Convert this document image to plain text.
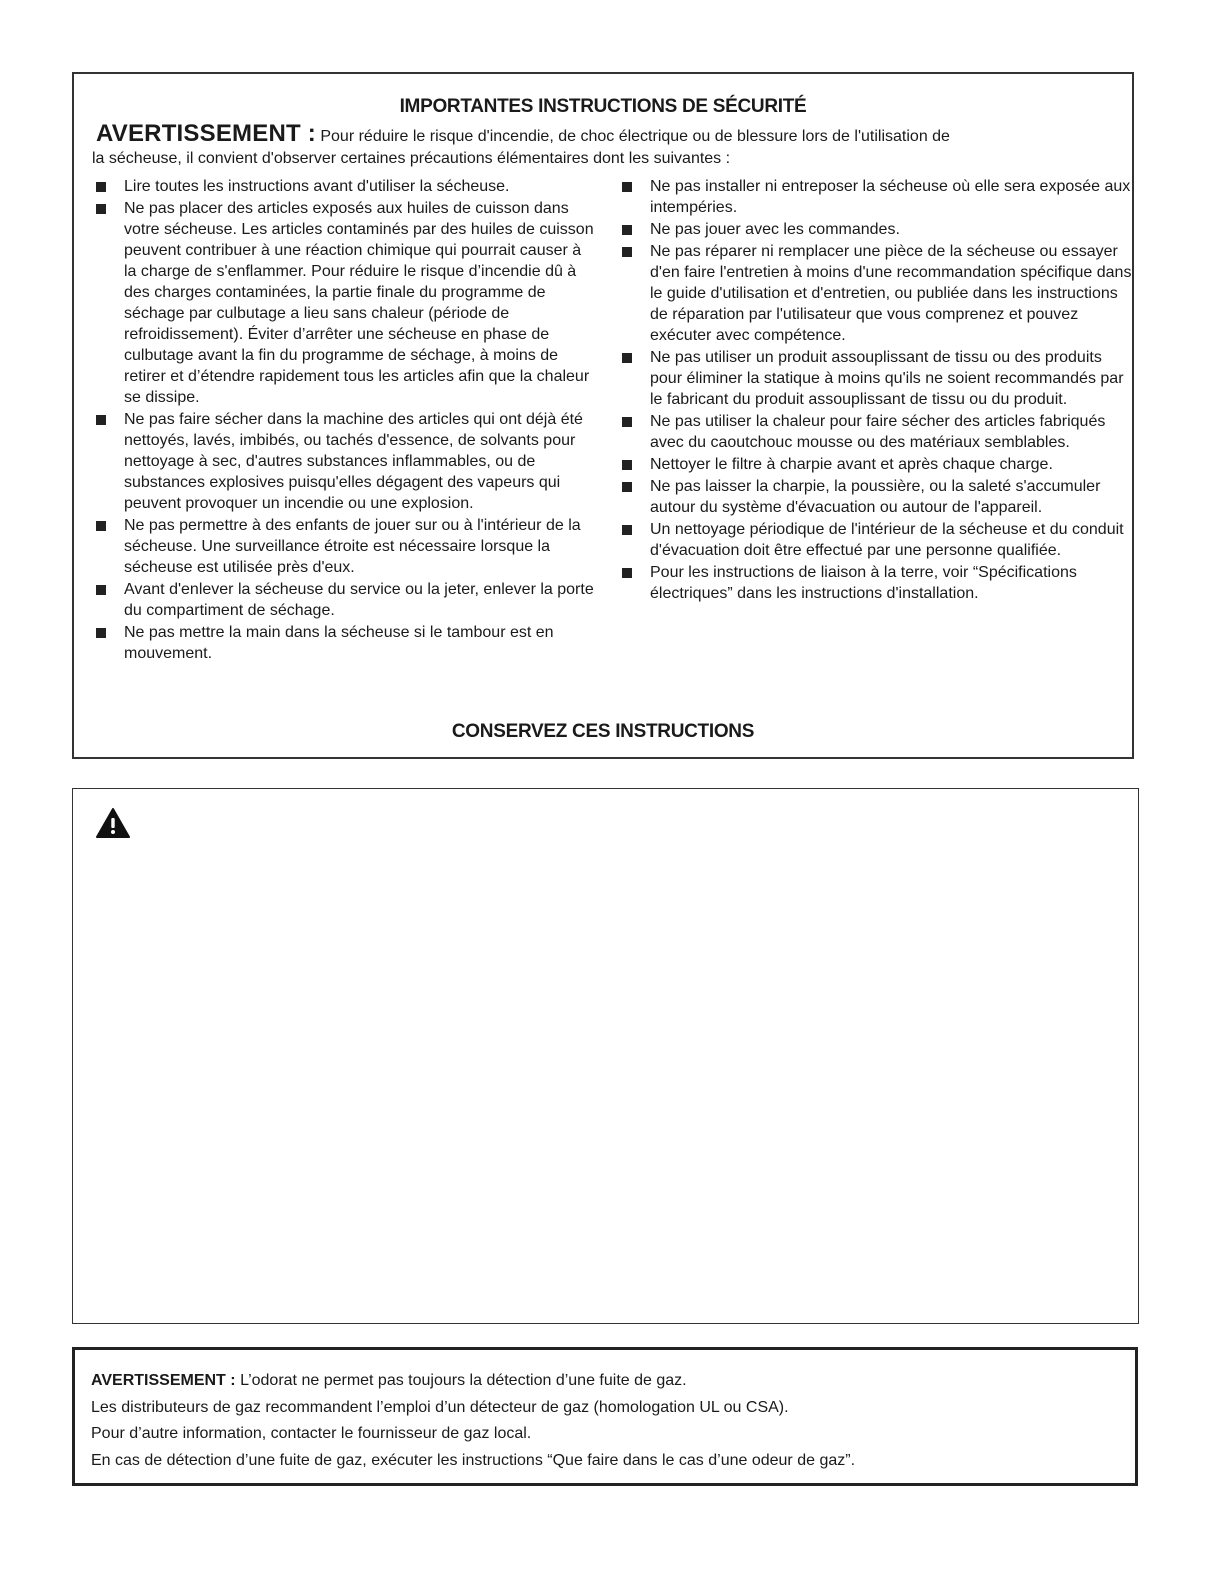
IMPORTANTES INSTRUCTIONS DE SÉCURITÉ
AVERTISSEMENT : Pour réduire le risque d'incendie, de choc électrique ou de blessure lors de l'utilisation de
la sécheuse, il convient d'observer certaines précautions élémentaires dont les suivantes :
Lire toutes les instructions avant d'utiliser la sécheuse.
Ne pas placer des articles exposés aux huiles de cuisson dans votre sécheuse. Les articles contaminés par des huiles de cuisson peuvent contribuer à une réaction chimique qui pourrait causer à la charge de s'enflammer. Pour réduire le risque d’incendie dû à des charges contaminées, la partie finale du programme de séchage par culbutage a lieu sans chaleur (période de refroidissement). Éviter d’arrêter une sécheuse en phase de culbutage avant la fin du programme de séchage, à moins de retirer et d’étendre rapidement tous les articles afin que la chaleur se dissipe.
Ne pas faire sécher dans la machine des articles qui ont déjà été nettoyés, lavés, imbibés, ou tachés d'essence, de solvants pour nettoyage à sec, d'autres substances inflammables, ou de substances explosives puisqu'elles dégagent des vapeurs qui peuvent provoquer un incendie ou une explosion.
Ne pas permettre à des enfants de jouer sur ou à l'intérieur de la sécheuse. Une surveillance étroite est nécessaire lorsque la sécheuse est utilisée près d'eux.
Avant d'enlever la sécheuse du service ou la jeter, enlever la porte du compartiment de séchage.
Ne pas mettre la main dans la sécheuse si le tambour est en mouvement.
Ne pas installer ni entreposer la sécheuse où elle sera exposée aux intempéries.
Ne pas jouer avec les commandes.
Ne pas réparer ni remplacer une pièce de la sécheuse ou essayer d'en faire l'entretien à moins d'une recommandation spécifique dans le guide d'utilisation et d'entretien, ou publiée dans les instructions de réparation par l'utilisateur que vous comprenez et pouvez exécuter avec compétence.
Ne pas utiliser un produit assouplissant de tissu ou des produits pour éliminer la statique à moins qu'ils ne soient recommandés par le fabricant du produit assouplissant de tissu ou du produit.
Ne pas utiliser la chaleur pour faire sécher des articles fabriqués avec du caoutchouc mousse ou des matériaux semblables.
Nettoyer le filtre à charpie avant et après chaque charge.
Ne pas laisser la charpie, la poussière, ou la saleté s'accumuler autour du système d'évacuation ou autour de l'appareil.
Un nettoyage périodique de l'intérieur de la sécheuse et du conduit d'évacuation doit être effectué par une personne qualifiée.
Pour les instructions de liaison à la terre, voir “Spécifications électriques” dans les instructions d'installation.
CONSERVEZ CES INSTRUCTIONS
AVERTISSEMENT : L’odorat ne permet pas toujours la détection d’une fuite de gaz.
Les distributeurs de gaz recommandent l’emploi d’un détecteur de gaz (homologation UL ou CSA).
Pour d’autre information, contacter le fournisseur de gaz local.
En cas de détection d’une fuite de gaz, exécuter les instructions “Que faire dans le cas d’une odeur de gaz”.
